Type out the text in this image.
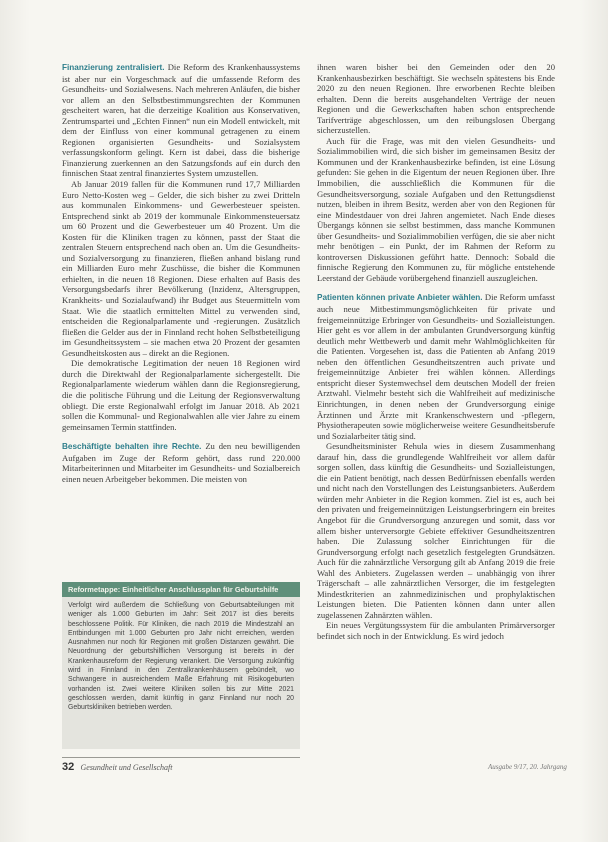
Finanzierung zentralisiert. Die Reform des Krankenhaussystems ist aber nur ein Vorgeschmack auf die umfassende Reform des Gesundheits- und Sozialwesens. Nach mehreren Anläufen, die bisher vor allem an den Selbstbestimmungsrechten der Kommunen gescheitert waren, hat die derzeitige Koalition aus Konservativen, Zentrumspartei und „Echten Finnen“ nun ein Modell entwickelt, mit dem der Einfluss von einer kommunal getragenen zu einem Regionen organisierten Gesundheits- und Sozialsystem verfassungskonform gelingt. Kern ist dabei, dass die bisherige Finanzierung zuerkennen an den Satzungsfonds auf ein durch den finnischen Staat zentral finanziertes System umzustellen.

Ab Januar 2019 fallen für die Kommunen rund 17,7 Milliarden Euro Netto-Kosten weg – Gelder, die sich bisher zu zwei Dritteln aus kommunalen Einkommens- und Gewerbesteuer speisten. Entsprechend sinkt ab 2019 der kommunale Einkommensteuersatz um 60 Prozent und die Gewerbesteuer um 40 Prozent. Um die Kosten für die Kliniken tragen zu können, passt der Staat die zentralen Steuern entsprechend nach oben an. Um die Gesundheits- und Sozialversorgung zu finanzieren, fließen anhand bislang rund ein Milliarden Euro mehr Zuschüsse, die bisher die Kommunen erhielten, in die neuen 18 Regionen. Diese erhalten auf Basis des Versorgungsbedarfs ihrer Bevölkerung (Inzidenz, Altersgruppen, Krankheits- und Sozialaufwand) ihr Budget aus Steuermitteln vom Staat. Wie die staatlich ermittelten Mittel zu verwenden sind, entscheiden die Regionalparlamente und -regierungen. Zusätzlich fließen die Gelder aus der in Finnland recht hohen Selbstbeteiligung im Gesundheitssystem – sie machen etwa 20 Prozent der gesamten Gesundheitskosten aus – direkt an die Regionen.

Die demokratische Legitimation der neuen 18 Regionen wird durch die Direktwahl der Regionalparlamente sichergestellt. Die Regionalparlamente wiederum wählen dann die Regionsregierung, die die politische Führung und die Leitung der Regionsverwaltung obliegt. Die erste Regionalwahl erfolgt im Januar 2018. Ab 2021 sollen die Kommunal- und Regionalwahlen alle vier Jahre zu einem gemeinsamen Termin stattfinden.

Beschäftigte behalten ihre Rechte. Zu den neu bewilligenden Aufgaben im Zuge der Reform gehört, dass rund 220.000 Mitarbeiterinnen und Mitarbeiter im Gesundheits- und Sozialbereich einen neuen Arbeitgeber bekommen. Die meisten von

Reformetappe: Einheitlicher Anschlussplan für Geburtshilfe
Verfolgt wird außerdem die Schließung von Geburtsabteilungen mit weniger als 1.000 Geburten im Jahr: Seit 2017 ist dies bereits beschlossene Politik. Für Kliniken, die nach 2019 die Mindestzahl an Entbindungen mit 1.000 Geburten pro Jahr nicht erreichen, werden Ausnahmen nur noch für Regionen mit großen Distanzen gewährt. Die Neuordnung der geburtshilflichen Versorgung ist bereits in der Krankenhausreform der Regierung verankert. Die Versorgung zukünftig wird in Finnland in den Zentralkrankenhäusern gebündelt, wo Schwangere in ausreichendem Maße Erfahrung mit Risikogeburten vorhanden ist. Zwei weitere Kliniken sollen bis zur Mitte 2021 geschlossen werden, damit künftig in ganz Finnland nur noch 20 Geburtskliniken betrieben werden.

ihnen waren bisher bei den Gemeinden oder den 20 Krankenhausbezirken beschäftigt. Sie wechseln spätestens bis Ende 2020 zu den neuen Regionen. Ihre erworbenen Rechte bleiben erhalten. Denn die bereits ausgehandelten Verträge der neuen Regionen und die Gewerkschaften haben schon entsprechende Tarifverträge abgeschlossen, um den reibungslosen Übergang sicherzustellen.

Auch für die Frage, was mit den vielen Gesundheits- und Sozialimmobilien wird, die sich bisher im gemeinsamen Besitz der Kommunen und der Krankenhausbezirke befinden, ist eine Lösung gefunden: Sie gehen in die Eigentum der neuen Regionen über. Ihre Immobilien, die ausschließlich die Kommunen für die Gesundheitsversorgung, soziale Aufgaben und den Rettungsdienst nutzen, bleiben in ihrem Besitz, werden aber von den Regionen für eine Mindestdauer von drei Jahren angemietet. Nach Ende dieses Übergangs können sie selbst bestimmen, dass manche Kommunen über Gesundheits- und Sozialimmobilien verfügen, die sie aber nicht mehr benötigen – ein Punkt, der im Rahmen der Reform zu kontroversen Diskussionen geführt hatte. Dennoch: Sobald die finnische Regierung den Kommunen zu, für mögliche entstehende Leerstand der Gebäude vorübergehend finanziell auszugleichen.

Patienten können private Anbieter wählen. Die Reform umfasst auch neue Mitbestimmungsmöglichkeiten für private und freigemeinnützige Erbringer von Gesundheits- und Sozialleistungen. Hier geht es vor allem in der ambulanten Grundversorgung künftig deutlich mehr Wettbewerb und damit mehr Wahlmöglichkeiten für die Patienten. Vorgesehen ist, dass die Patienten ab Anfang 2019 neben den öffentlichen Gesundheitszentren auch private und freigemeinnützige Anbieter frei wählen können. Allerdings entspricht dieser Systemwechsel dem deutschen Modell der freien Arztwahl. Vielmehr besteht sich die Wahlfreiheit auf medizinische Einrichtungen, in denen neben der Grundversorgung einige Ärztinnen und Ärzte mit Krankenschwestern und -pflegern, Physiotherapeuten sowie möglicherweise weitere Gesundheitsberufe und Sozialarbeiter tätig sind.

Gesundheitsminister Rehula wies in diesem Zusammenhang darauf hin, dass die grundlegende Wahlfreiheit vor allem dafür sorgen sollen, dass künftig die Gesundheits- und Sozialleistungen, die ein Patient benötigt, nach dessen Bedürfnissen ebenfalls werden und nicht nach den Vorstellungen des Leistungsanbieters. Außerdem würden mehr Anbieter in die Region kommen. Ziel ist es, auch bei den privaten und freigemeinnützigen Leistungserbringern ein breites Angebot für die Grundversorgung anzuregen und somit, dass vor allem bisher unterversorgte Gebiete effektiver Gesundheitszentren haben. Die Zulassung solcher Einrichtungen für die Grundversorgung erfolgt nach gesetzlich festgelegten Grundsätzen. Auch für die zahnärztliche Versorgung gilt ab Anfang 2019 die freie Wahl des Anbieters. Zugelassen werden – unabhängig von ihrer Trägerschaft – alle zahnärztlichen Versorger, die im festgelegten Mindestkriterien an zahnmedizinischen und prophylaktischen Leistungen bieten. Die Patienten können dann unter allen zugelassenen Zahnärzten wählen.

Ein neues Vergütungssystem für die ambulanten Primärversorger befindet sich noch in der Entwicklung. Es wird jedoch

32 Gesundheit und Gesellschaft	Ausgabe 9/17, 20. Jahrgang
